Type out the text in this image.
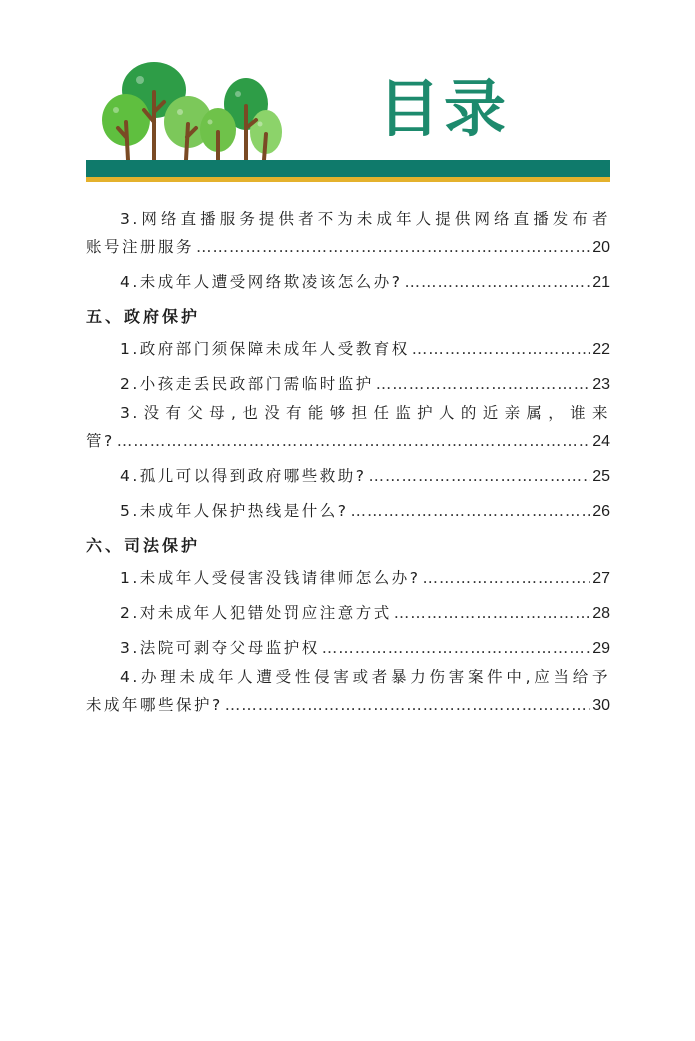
目录
3.网络直播服务提供者不为未成年人提供网络直播发布者
账号注册服务 ………………………………………………………………………………………………………………………………	20
4.未成年人遭受网络欺凌该怎么办? ………………………………………………………………………………………………………………………………	21
五、政府保护
1.政府部门须保障未成年人受教育权 ………………………………………………………………………………………………………………………………	22
2.小孩走丢民政部门需临时监护 ………………………………………………………………………………………………………………………………	23
3.没有父母,也没有能够担任监护人的近亲属，谁来
管? ………………………………………………………………………………………………………………………………	24
4.孤儿可以得到政府哪些救助? ………………………………………………………………………………………………………………………………	25
5.未成年人保护热线是什么? ………………………………………………………………………………………………………………………………	26
六、司法保护
1.未成年人受侵害没钱请律师怎么办? ………………………………………………………………………………………………………………………………	27
2.对未成年人犯错处罚应注意方式 ………………………………………………………………………………………………………………………………	28
3.法院可剥夺父母监护权 ………………………………………………………………………………………………………………………………	29
4.办理未成年人遭受性侵害或者暴力伤害案件中,应当给予
未成年哪些保护? ………………………………………………………………………………………………………………………………	30
